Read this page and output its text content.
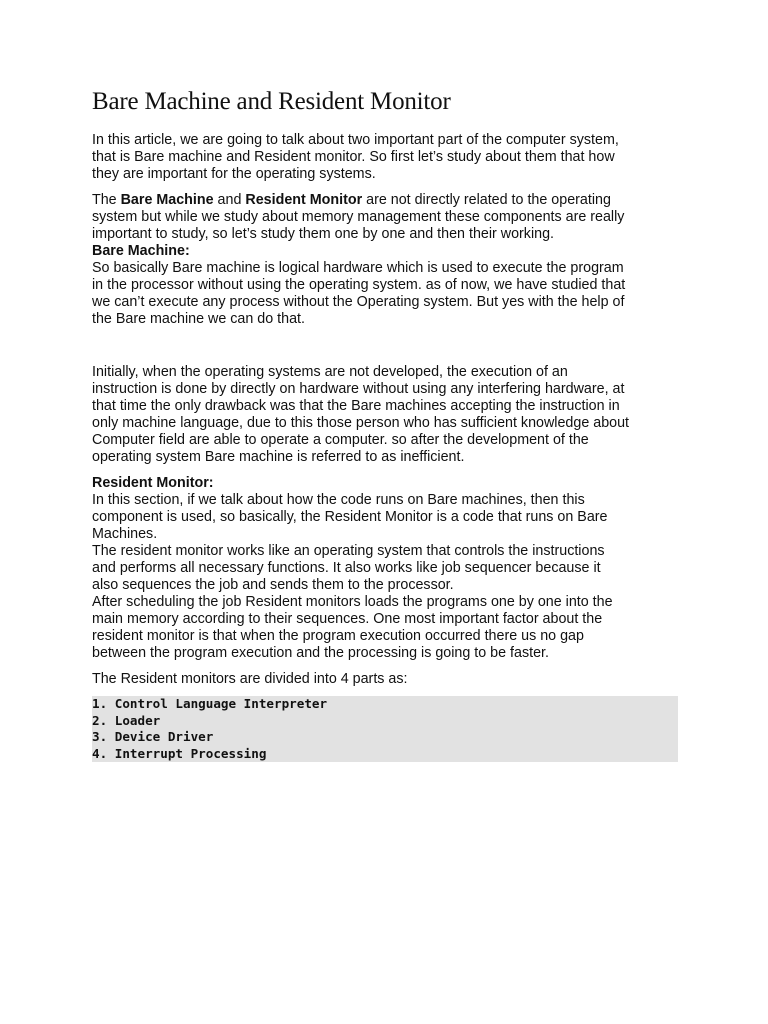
Bare Machine and Resident Monitor

In this article, we are going to talk about two important part of the computer system,

that is Bare machine and Resident monitor. So first let’s study about them that how

they are important for the operating systems.

The Bare Machine and Resident Monitor are not directly related to the operating

system but while we study about memory management these components are really

important to study, so let’s study them one by one and then their working.

Bare Machine:

So basically Bare machine is logical hardware which is used to execute the program

in the processor without using the operating system. as of now, we have studied that

we can’t execute any process without the Operating system. But yes with the help of

the Bare machine we can do that.

Initially, when the operating systems are not developed, the execution of an

instruction is done by directly on hardware without using any interfering hardware, at

that time the only drawback was that the Bare machines accepting the instruction in

only machine language, due to this those person who has sufficient knowledge about

Computer field are able to operate a computer. so after the development of the

operating system Bare machine is referred to as inefficient.

Resident Monitor:

In this section, if we talk about how the code runs on Bare machines, then this

component is used, so basically, the Resident Monitor is a code that runs on Bare

Machines.

The resident monitor works like an operating system that controls the instructions

and performs all necessary functions. It also works like job sequencer because it

also sequences the job and sends them to the processor.

After scheduling the job Resident monitors loads the programs one by one into the

main memory according to their sequences. One most important factor about the

resident monitor is that when the program execution occurred there us no gap

between the program execution and the processing is going to be faster.

The Resident monitors are divided into 4 parts as:

1. Control Language Interpreter
2. Loader
3. Device Driver
4. Interrupt Processing
